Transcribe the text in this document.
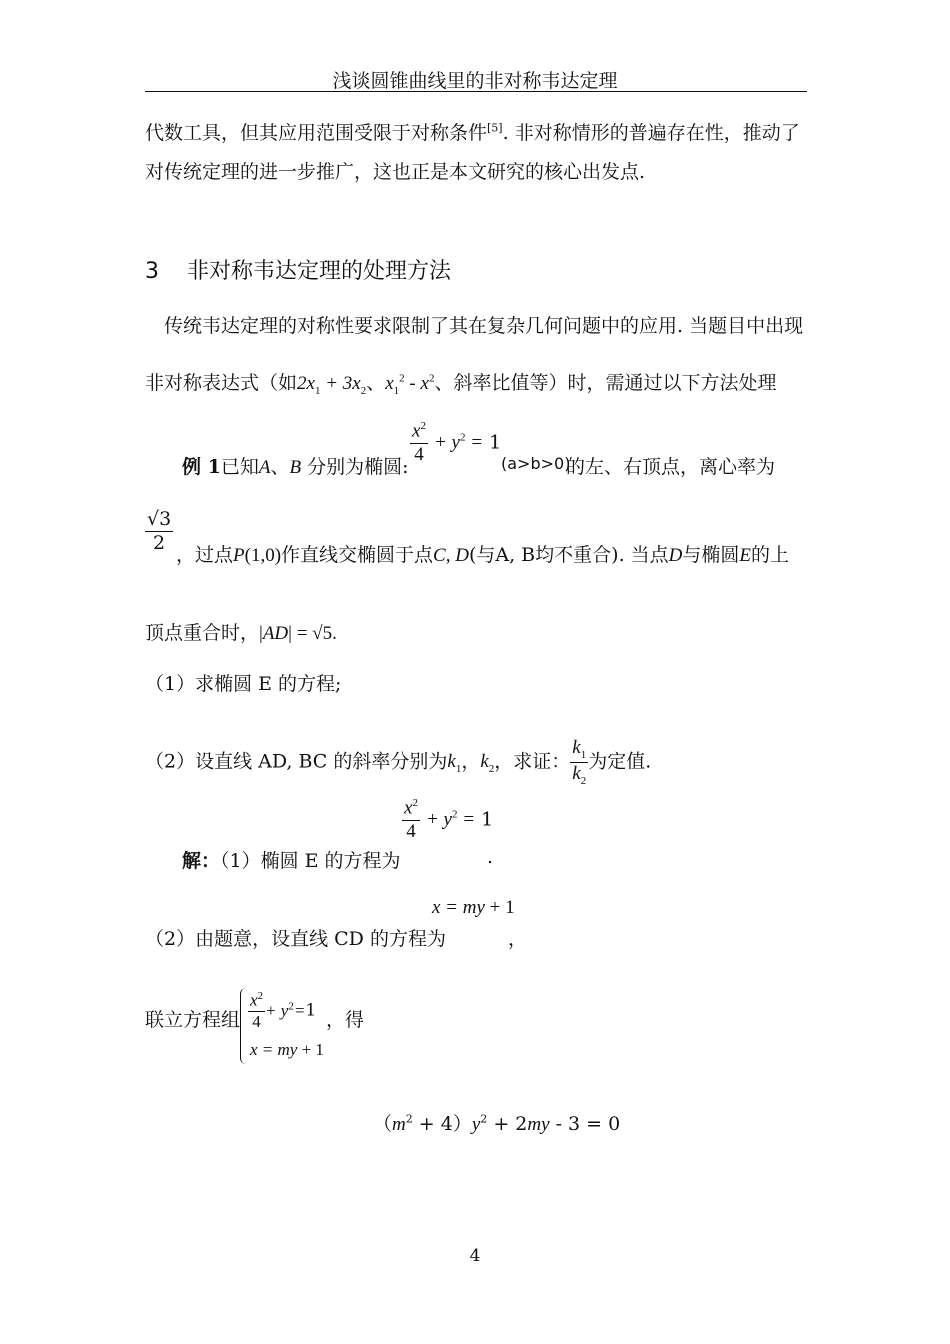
浅谈圆锥曲线里的非对称韦达定理
代数工具，但其应用范围受限于对称条件[5]. 非对称情形的普遍存在性，推动了
对传统定理的进一步推广，这也正是本文研究的核心出发点.
3 非对称韦达定理的处理方法
传统韦达定理的对称性要求限制了其在复杂几何问题中的应用. 当题目中出现
非对称表达式（如$2x_1 + 3x_2$、$x_1^2 - x^2$、斜率比值等）时，需通过以下方法处理
例 1已知A、B 分别为椭圆:
$\frac{x^2}{4} + y^2 = 1$
(a>b>0)
的左、右顶点，离心率为
$\frac{√3}{2}$
，过点P(1,0)作直线交椭圆于点C, D(与A, B均不重合). 当点D与椭圆E的上
顶点重合时，|AD| = √5.
（1）求椭圆 E 的方程;
（2）设直线 AD, BC 的斜率分别为$k_1$，$k_2$，求证： $\frac{k_1}{k_2}$ 为定值.
$\frac{x^2}{4} + y^2 = 1$
解：（1）椭圆 E 的方程为	.
x = my + 1
（2）由题意，设直线 CD 的方程为	，
联立方程组 $\frac{x^2}{4} + y^2=1$ ，得
x = my + 1
$(m^2 + 4)y^2 + 2my - 3 = 0$
4
